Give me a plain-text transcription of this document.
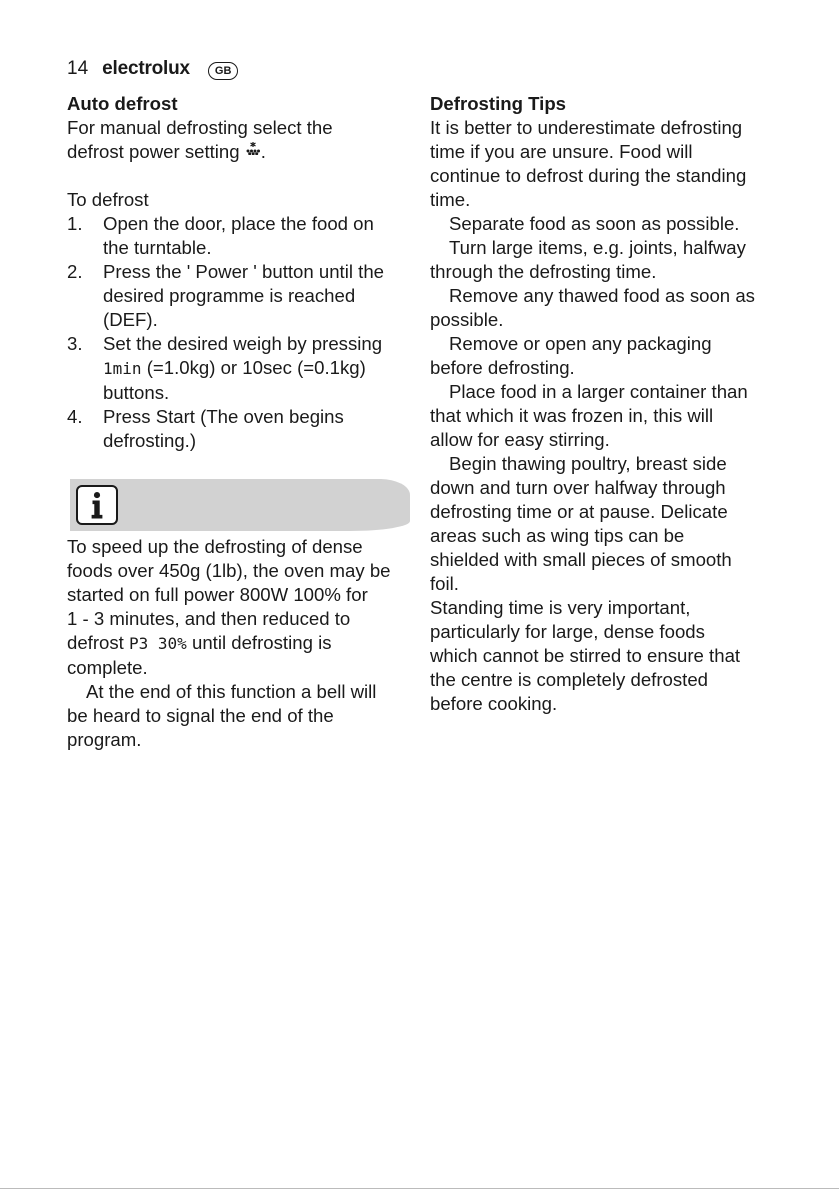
14 electrolux	GB
Auto defrost

For manual defrosting select the

defrost power setting .

To defrost

1.	Open the door, place the food on
the turntable.
2.	Press the ' Power ' button until the
desired programme is reached
(DEF).
3.	Set the desired weigh by pressing
1min (=1.0kg) or 10sec (=0.1kg)
buttons.
4.	Press Start (The oven begins
defrosting.)

To speed up the defrosting of dense

foods over 450g (1lb), the oven may be

started on full power 800W 100% for

1 - 3 minutes, and then reduced to

defrost P3 30% until defrosting is

complete.

At the end of this function a bell will

be heard to signal the end of the

program.

Defrosting Tips

It is better to underestimate defrosting

time if you are unsure. Food will

continue to defrost during the standing

time.

Separate food as soon as possible.

Turn large items, e.g. joints, halfway

through the defrosting time.

Remove any thawed food as soon as

possible.

Remove or open any packaging

before defrosting.

Place food in a larger container than

that which it was frozen in, this will

allow for easy stirring.

Begin thawing poultry, breast side

down and turn over halfway through

defrosting time or at pause. Delicate

areas such as wing tips can be

shielded with small pieces of smooth

foil.

Standing time is very important,

particularly for large, dense foods

which cannot be stirred to ensure that

the centre is completely defrosted

before cooking.
